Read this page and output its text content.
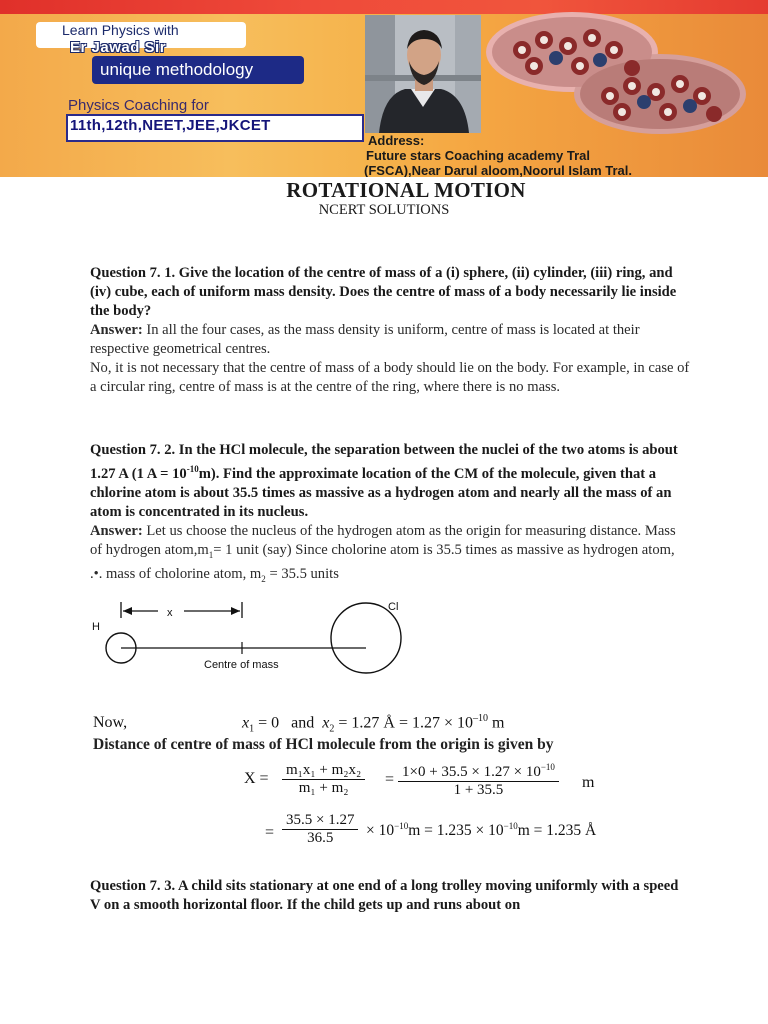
Learn Physics with
Er Jawad Sir
unique methodology
Physics Coaching for
11th,12th,NEET,JEE,JKCET
Address:
Future stars Coaching academy Tral
(FSCA),Near Darul aloom,Noorul Islam Tral.
ROTATIONAL MOTION
NCERT SOLUTIONS

Question 7. 1. Give the location of the centre of mass of a (i) sphere, (ii) cylinder, (iii) ring, and (iv) cube, each of uniform mass density. Does the centre of mass of a body necessarily lie inside the body?

Answer: In all the four cases, as the mass density is uniform, centre of mass is located at their respective geometrical centres.

No, it is not necessary that the centre of mass of a body should lie on the body. For example, in case of a circular ring, centre of mass is at the centre of the ring, where there is no mass.

Question 7. 2. In the HCl molecule, the separation between the nuclei of the two atoms is about 1.27 A (1 $A = 10^{-10}m$). Find the approximate location of the CM of the molecule, given that a chlorine atom is about 35.5 times as massive as a hydrogen atom and nearly all the mass of an atom is concentrated in its nucleus.

Answer: Let us choose the nucleus of the hydrogen atom as the origin for measuring distance. Mass of hydrogen $atom,m_1= 1$ unit (say) Since cholorine atom is 35.5 times as massive as hydrogen atom,

.•. mass of cholorine atom, $m_2 = 35.5$ units

x
H
Cl
Centre of mass
Now,	$x_1 = 0$ and $x_2 = 1.27$ Å = $1.27 \times 10^{-10}$ m
Distance of centre of mass of HCl molecule from the origin is given by
$X = \frac{\text{m₁x₁ + m₂x₂}}{\text{m₁ + m₂}} = \frac{1\times 0 + 35.5 \times 1.27 \times 10^{-10}}{1 + 35.5}$ m
= $\frac{35.5 \times 1.27}{36.5} \times 10^{-10}m = 1.235 \times 10^{-10}m = 1.235$ Å

Question 7. 3. A child sits stationary at one end of a long trolley moving uniformly with a speed V on a smooth horizontal floor. If the child gets up and runs about on
